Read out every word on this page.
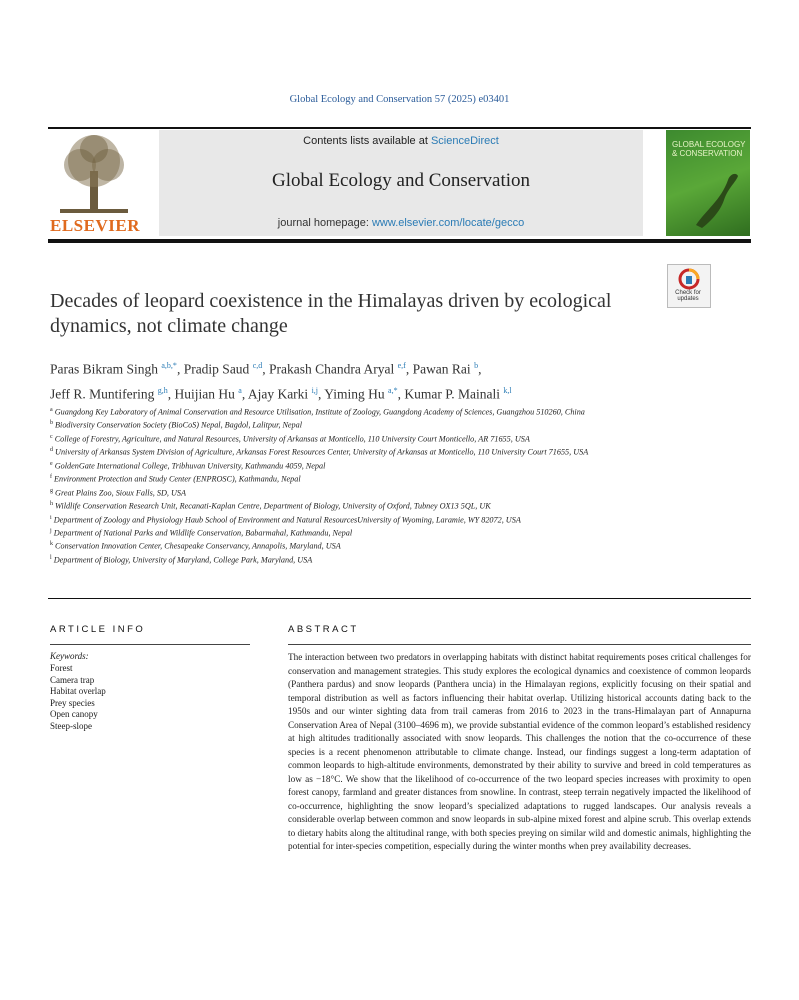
Global Ecology and Conservation 57 (2025) e03401
ELSEVIER
Contents lists available at ScienceDirect
Global Ecology and Conservation
journal homepage: www.elsevier.com/locate/gecco
GLOBAL ECOLOGY & CONSERVATION
Check for updates
Decades of leopard coexistence in the Himalayas driven by ecological dynamics, not climate change
Paras Bikram Singh $^{a,b,*}$, Pradip Saud $^{c,d}$, Prakash Chandra Aryal $^{e,f}$, Pawan Rai $^b$,
Jeff R. Muntifering $^{g,h}$, Huijian Hu $^a$, Ajay Karki $^{i,j}$, Yiming Hu $^{a,*}$, Kumar P. Mainali $^{k,l}$

$^a$ Guangdong Key Laboratory of Animal Conservation and Resource Utilisation, Institute of Zoology, Guangdong Academy of Sciences, Guangzhou 510260, China

$^b$ Biodiversity Conservation Society (BioCoS) Nepal, Bagdol, Lalitpur, Nepal

$^c$ College of Forestry, Agriculture, and Natural Resources, University of Arkansas at Monticello, 110 University Court Monticello, AR 71655, USA

$^d$ University of Arkansas System Division of Agriculture, Arkansas Forest Resources Center, University of Arkansas at Monticello, 110 University Court 71655, USA

$^e$ GoldenGate International College, Tribhuvan University, Kathmandu 4059, Nepal

$^f$ Environment Protection and Study Center (ENPROSC), Kathmandu, Nepal

$^g$ Great Plains Zoo, Sioux Falls, SD, USA

$^h$ Wildlife Conservation Research Unit, Recanati-Kaplan Centre, Department of Biology, University of Oxford, Tubney OX13 5QL, UK

$^i$ Department of Zoology and Physiology Haub School of Environment and Natural ResourcesUniversity of Wyoming, Laramie, WY 82072, USA

$^j$ Department of National Parks and Wildlife Conservation, Babarmahal, Kathmandu, Nepal

$^k$ Conservation Innovation Center, Chesapeake Conservancy, Annapolis, Maryland, USA

$^l$ Department of Biology, University of Maryland, College Park, Maryland, USA

ARTICLE INFO
Keywords:
Forest
Camera trap
Habitat overlap
Prey species
Open canopy
Steep-slope
ABSTRACT
The interaction between two predators in overlapping habitats with distinct habitat requirements poses critical challenges for conservation and management strategies. This study explores the ecological dynamics and coexistence of common leopards (Panthera pardus) and snow leopards (Panthera uncia) in the Himalayan regions, explicitly focusing on their spatial and temporal distribution as well as factors influencing their habitat overlap. Utilizing historical accounts dating back to the 1950s and our winter sighting data from trail cameras from 2016 to 2023 in the trans-Himalayan part of Annapurna Conservation Area of Nepal (3100–4696 m), we provide substantial evidence of the common leopard’s established residency at high altitudes traditionally associated with snow leopards. This challenges the notion that the co-occurrence of these species is a recent phenomenon attributable to climate change. Instead, our findings suggest a long-term adaptation of common leopards to high-altitude environments, demonstrated by their ability to survive and breed in cold temperatures as low as −18°C. We show that the likelihood of co-occurrence of the two leopard species increases with proximity to open forest canopy, farmland and greater distances from snowline. In contrast, steep terrain negatively impacted the likelihood of co-occurrence, highlighting the snow leopard’s specialized adaptations to rugged landscapes. Our analysis reveals a considerable overlap between common and snow leopards in sub-alpine mixed forest and alpine scrub. This overlap extends to dietary habits along the altitudinal range, with both species preying on similar wild and domestic animals, highlighting the potential for inter-species competition, especially during the winter months when prey availability decreases.
